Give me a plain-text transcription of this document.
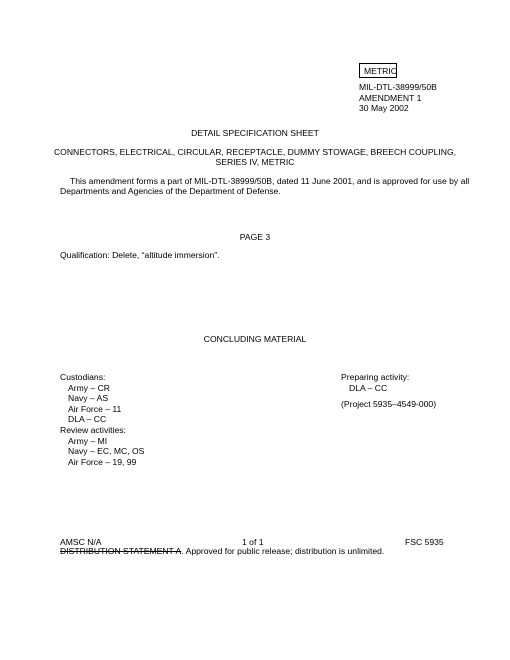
METRIC
MIL-DTL-38999/50B
AMENDMENT 1
30 May 2002
DETAIL SPECIFICATION SHEET
CONNECTORS, ELECTRICAL, CIRCULAR, RECEPTACLE, DUMMY STOWAGE, BREECH COUPLING,
SERIES IV, METRIC
This amendment forms a part of MIL-DTL-38999/50B, dated 11 June 2001, and is approved for use by all
Departments and Agencies of the Department of Defense.
PAGE 3
Qualification: Delete, “altitude immersion”.
CONCLUDING MATERIAL
Custodians:
Army – CR
Navy – AS
Air Force – 11
DLA – CC
Review activities:
Army – MI
Navy – EC, MC, OS
Air Force – 19, 99
Preparing activity:
DLA – CC
(Project 5935–4549-000)
AMSC N/A	1 of 1	FSC 5935
DISTRIBUTION STATEMENT A. Approved for public release; distribution is unlimited.
